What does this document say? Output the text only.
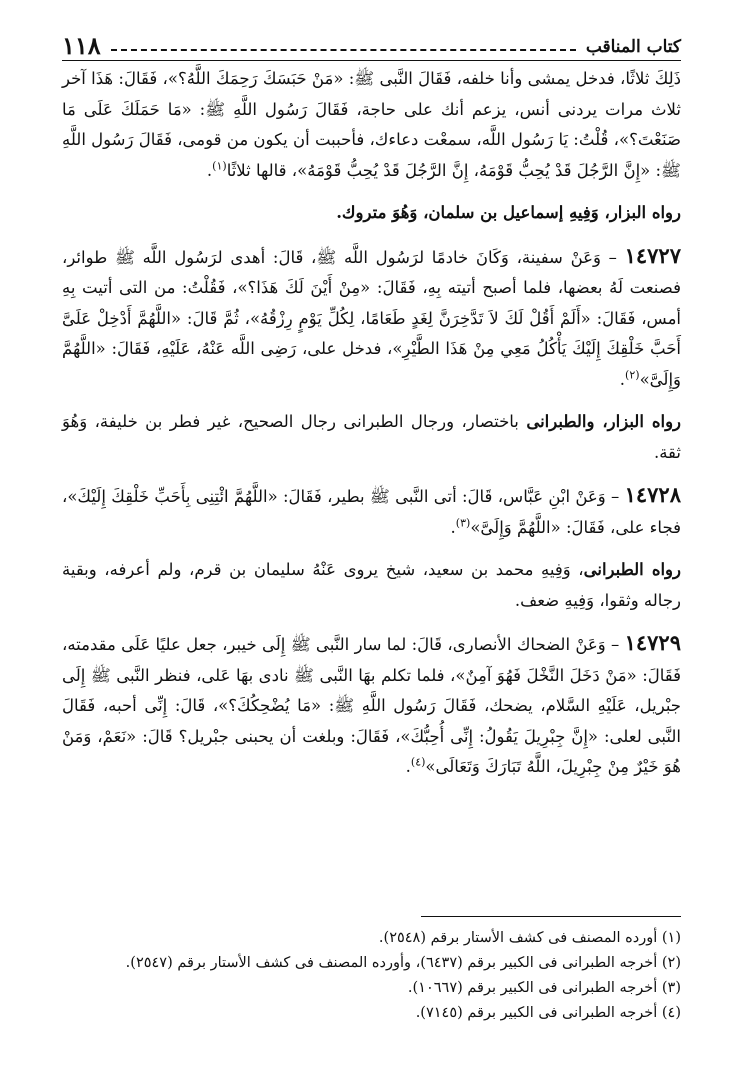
كتاب المناقب
١١٨

ذَلِكَ ثلاثًا، فدخل يمشى وأنا خلفه، فَقَالَ النَّبى ﷺ: «مَنْ حَبَسَكَ رَحِمَكَ اللَّهُ؟»، فَقَالَ: هَذَا آخر ثلاث مرات يردنى أنس، يزعم أنك على حاجة، فَقَالَ رَسُول اللَّهِ ﷺ: «مَا حَمَلَكَ عَلَى مَا صَنَعْتَ؟»، قُلْتُ: يَا رَسُول اللَّه، سمعْت دعاءك، فأحببت أن يكون من قومى، فَقَالَ رَسُول اللَّهِ ﷺ: «إِنَّ الرَّجُلَ قَدْ يُحِبُّ قَوْمَهُ، إِنَّ الرَّجُلَ قَدْ يُحِبُّ قَوْمَهُ»، قالها ثلاثًا$^{(١)}$.

رواه البزار، وَفِيهِ إسماعيل بن سلمان، وَهُوَ متروك.

١٤٧٢٧ – وَعَنْ سفينة، وَكَانَ خادمًا لرَسُول اللَّه ﷺ، قَالَ: أهدى لرَسُول اللَّه ﷺ طوائر، فصنعت لَهُ بعضها، فلما أصبح أتيته بِهِ، فَقَالَ: «مِنْ أَيْنَ لَكَ هَذَا؟»، فَقُلْتُ: من التى أتيت بِهِ أمس، فَقَالَ: «أَلَمْ أَقُلْ لَكَ لاَ تَدَّخِرَنَّ لِغَدٍ طَعَامًا، لِكُلِّ يَوْمٍ رِزْقُهُ»، ثُمَّ قَالَ: «اللَّهُمَّ أَدْخِلْ عَلَىَّ أَحَبَّ خَلْقِكَ إِلَيْكَ يَأْكُلُ مَعِي مِنْ هَذَا الطَّيْرِ»، فدخل على، رَضِى اللَّه عَنْهُ، عَلَيْهِ، فَقَالَ: «اللَّهُمَّ وَإِلَىَّ»$^{(٢)}$.

رواه البزار، والطبرانى باختصار، ورجال الطبرانى رجال الصحيح، غير فطر بن خليفة، وَهُوَ ثقة.

١٤٧٢٨ – وَعَنْ ابْنِ عَبَّاس، قَالَ: أتى النَّبى ﷺ بطير، فَقَالَ: «اللَّهُمَّ ائْتِنِى بِأَحَبِّ خَلْقِكَ إِلَيْكَ»، فجاء على، فَقَالَ: «اللَّهُمَّ وَإِلَىَّ»$^{(٣)}$.

رواه الطبرانى، وَفِيهِ محمد بن سعيد، شيخ يروى عَنْهُ سليمان بن قرم، ولم أعرفه، وبقية رجاله وثقوا، وَفِيهِ ضعف.

١٤٧٢٩ – وَعَنْ الضحاك الأنصارى، قَالَ: لما سار النَّبى ﷺ إِلَى خيبر، جعل عليًا عَلَى مقدمته، فَقَالَ: «مَنْ دَخَلَ النَّخْلَ فَهُوَ آمِنٌ»، فلما تكلم بهَا النَّبى ﷺ نادى بهَا عَلى، فنظر النَّبى ﷺ إِلَى جبْريل، عَلَيْهِ السَّلام، يضحك، فَقَالَ رَسُول اللَّهِ ﷺ: «مَا يُضْحِكُكَ؟»، قَالَ: إِنِّى أحبه، فَقَالَ النَّبى لعلى: «إِنَّ جِبْرِيلَ يَقُولُ: إِنِّى أُحِبُّكَ»، فَقَالَ: وبلغت أن يحبنى جبْريل؟ قَالَ: «نَعَمْ، وَمَنْ هُوَ خَيْرٌ مِنْ جِبْرِيلَ، اللَّهُ تَبَارَكَ وَتَعَالَى»$^{(٤)}$.

(١) أورده المصنف فى كشف الأستار برقم (٢٥٤٨).
(٢) أخرجه الطبرانى فى الكبير برقم (٦٤٣٧)، وأورده المصنف فى كشف الأستار برقم (٢٥٤٧).
(٣) أخرجه الطبرانى فى الكبير برقم (١٠٦٦٧).
(٤) أخرجه الطبرانى فى الكبير برقم (٧١٤٥).
